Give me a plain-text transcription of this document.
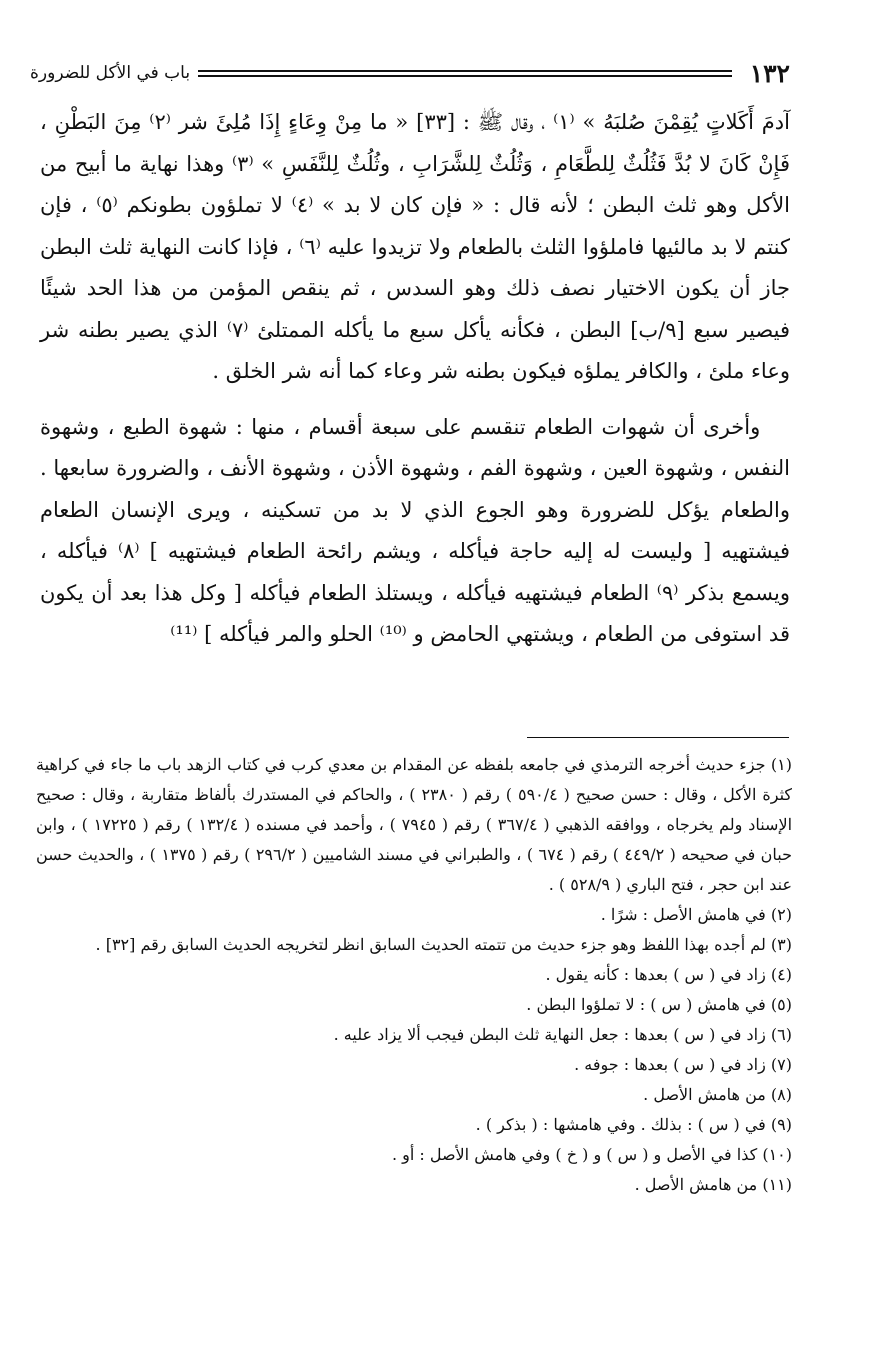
١٣٢
باب في الأكل للضرورة

آدمَ أَكَلاتٍ يُقِمْنَ صُلبَهُ » ⁽١⁾ ، وقال ﷺ : [٣٣] « ما مِنْ وِعَاءٍ إِذَا مُلِئَ شر ⁽٢⁾ مِنَ البَطْنِ ، فَإِنْ كَانَ لا بُدَّ فَثُلُثٌ لِلطَّعَامِ ، وَثُلُثٌ لِلشَّرَابِ ، وثُلُثٌ لِلنَّفَسِ » ⁽٣⁾ وهذا نهاية ما أبيح من الأكل وهو ثلث البطن ؛ لأنه قال : « فإن كان لا بد » ⁽٤⁾ لا تملؤون بطونكم ⁽٥⁾ ، فإن كنتم لا بد مالئيها فاملؤوا الثلث بالطعام ولا تزيدوا عليه ⁽٦⁾ ، فإذا كانت النهاية ثلث البطن جاز أن يكون الاختيار نصف ذلك وهو السدس ، ثم ينقص المؤمن من هذا الحد شيئًا فيصير سبع [٩/ب] البطن ، فكأنه يأكل سبع ما يأكله الممتلئ ⁽٧⁾ الذي يصير بطنه شر وعاء ملئ ، والكافر يملؤه فيكون بطنه شر وعاء كما أنه شر الخلق .

وأخرى أن شهوات الطعام تنقسم على سبعة أقسام ، منها : شهوة الطبع ، وشهوة النفس ، وشهوة العين ، وشهوة الفم ، وشهوة الأذن ، وشهوة الأنف ، والضرورة سابعها . والطعام يؤكل للضرورة وهو الجوع الذي لا بد من تسكينه ، ويرى الإنسان الطعام فيشتهيه [ وليست له إليه حاجة فيأكله ، ويشم رائحة الطعام فيشتهيه ] ⁽٨⁾ فيأكله ، ويسمع بذكر ⁽٩⁾ الطعام فيشتهيه فيأكله ، ويستلذ الطعام فيأكله [ وكل هذا بعد أن يكون قد استوفى من الطعام ، ويشتهي الحامض و ⁽¹⁰⁾ الحلو والمر فيأكله ] ⁽¹¹⁾

(١) جزء حديث أخرجه الترمذي في جامعه بلفظه عن المقدام بن معدي كرب في كتاب الزهد باب ما جاء في كراهية كثرة الأكل ، وقال : حسن صحيح ( ٥٩٠/٤ ) رقم ( ٢٣٨٠ ) ، والحاكم في المستدرك بألفاظ متقاربة ، وقال : صحيح الإسناد ولم يخرجاه ، ووافقه الذهبي ( ٣٦٧/٤ ) رقم ( ٧٩٤٥ ) ، وأحمد في مسنده ( ١٣٢/٤ ) رقم ( ١٧٢٢٥ ) ، وابن حبان في صحيحه ( ٤٤٩/٢ ) رقم ( ٦٧٤ ) ، والطبراني في مسند الشاميين ( ٢٩٦/٢ ) رقم ( ١٣٧٥ ) ، والحديث حسن عند ابن حجر ، فتح الباري ( ٥٢٨/٩ ) .

(٢) في هامش الأصل : شرًا .

(٣) لم أجده بهذا اللفظ وهو جزء حديث من تتمته الحديث السابق انظر لتخريجه الحديث السابق رقم [٣٢] .

(٤) زاد في ( س ) بعدها : كأنه يقول .

(٥) في هامش ( س ) : لا تملؤوا البطن .

(٦) زاد في ( س ) بعدها : جعل النهاية ثلث البطن فيجب ألا يزاد عليه .

(٧) زاد في ( س ) بعدها : جوفه .

(٨) من هامش الأصل .

(٩) في ( س ) : بذلك . وفي هامشها : ( بذكر ) .

(١٠) كذا في الأصل و ( س ) و ( خ ) وفي هامش الأصل : أو .

(١١) من هامش الأصل .
